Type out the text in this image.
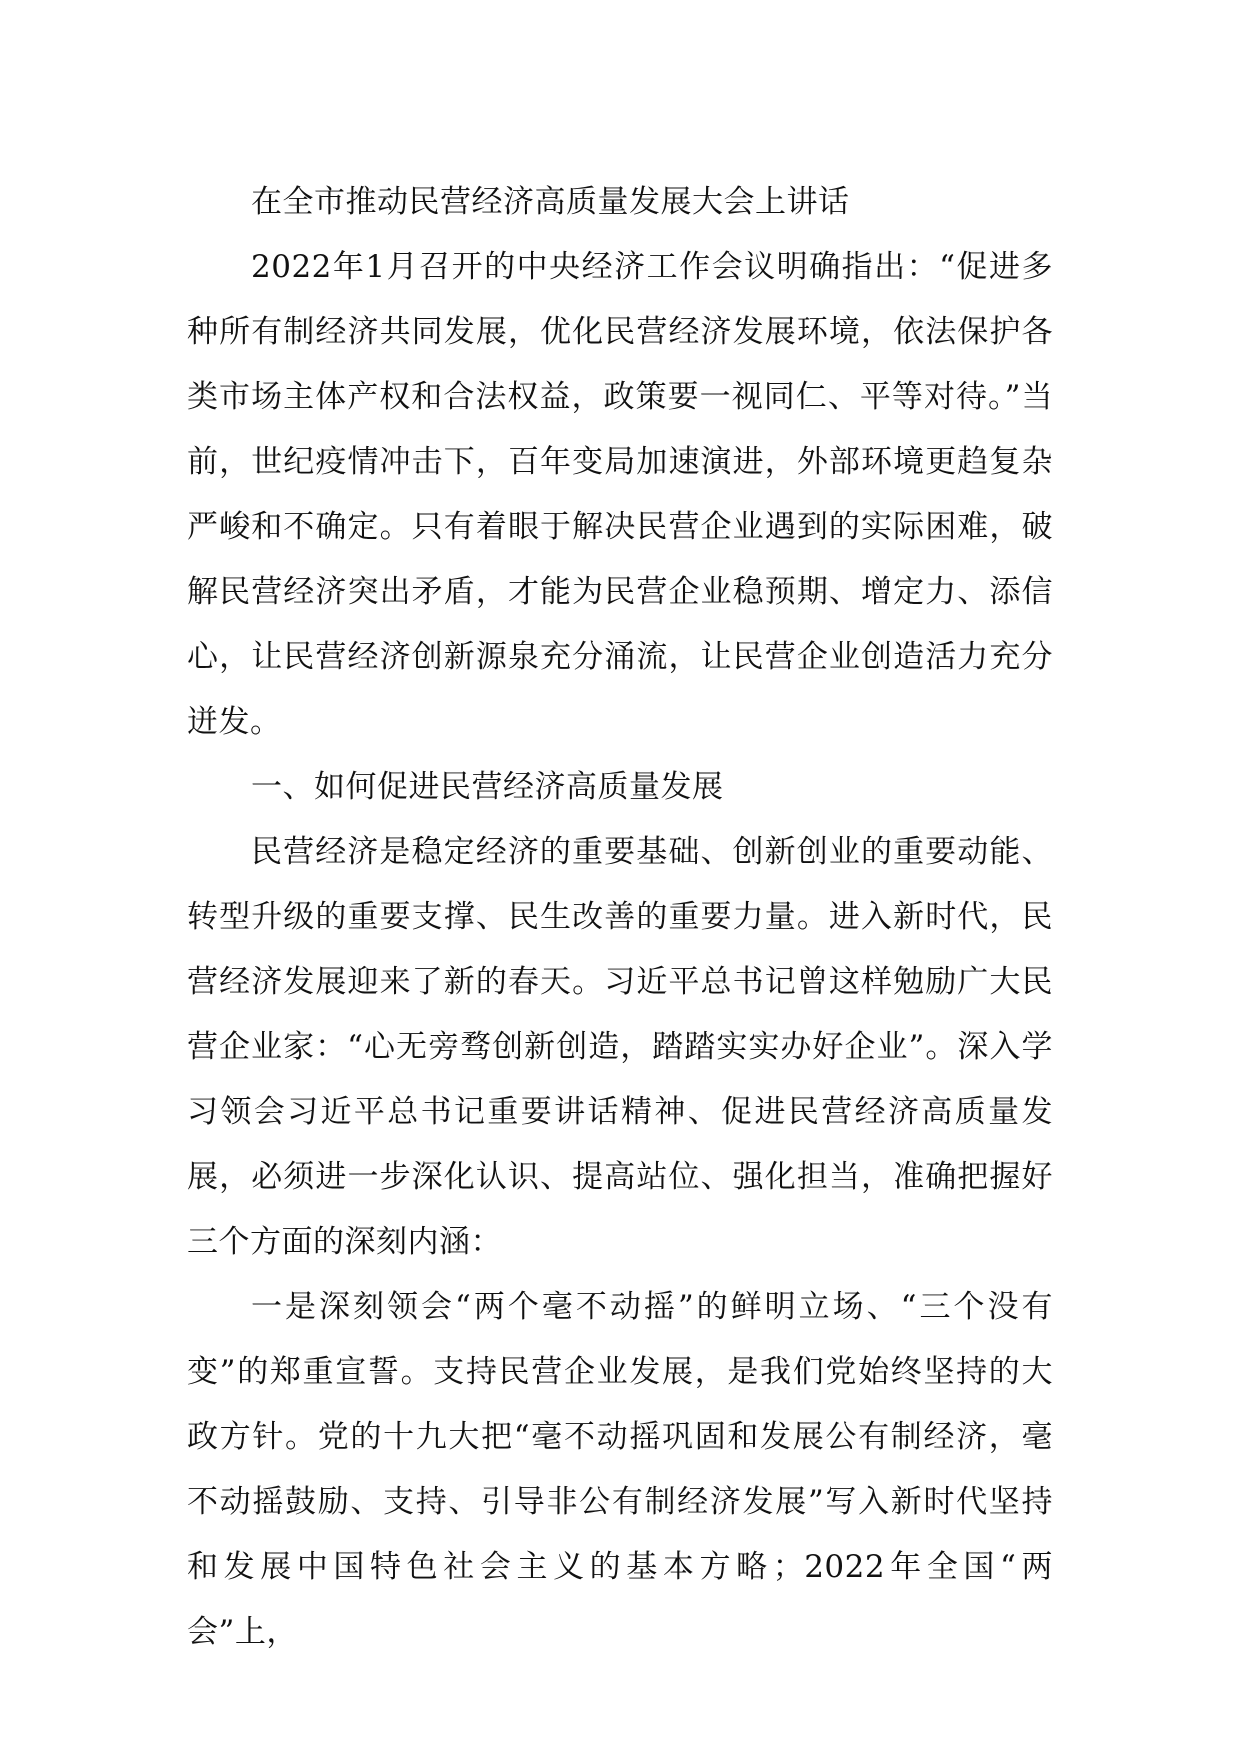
在全市推动民营经济高质量发展大会上讲话

2022年1月召开的中央经济工作会议明确指出：“促进多种所有制经济共同发展，优化民营经济发展环境，依法保护各类市场主体产权和合法权益，政策要一视同仁、平等对待。”当前，世纪疫情冲击下，百年变局加速演进，外部环境更趋复杂严峻和不确定。只有着眼于解决民营企业遇到的实际困难，破解民营经济突出矛盾，才能为民营企业稳预期、增定力、添信心，让民营经济创新源泉充分涌流，让民营企业创造活力充分迸发。

一、如何促进民营经济高质量发展

民营经济是稳定经济的重要基础、创新创业的重要动能、转型升级的重要支撑、民生改善的重要力量。进入新时代，民营经济发展迎来了新的春天。习近平总书记曾这样勉励广大民营企业家：“心无旁骛创新创造，踏踏实实办好企业”。深入学习领会习近平总书记重要讲话精神、促进民营经济高质量发展，必须进一步深化认识、提高站位、强化担当，准确把握好三个方面的深刻内涵：

一是深刻领会“两个毫不动摇”的鲜明立场、“三个没有变”的郑重宣誓。支持民营企业发展，是我们党始终坚持的大政方针。党的十九大把“毫不动摇巩固和发展公有制经济，毫不动摇鼓励、支持、引导非公有制经济发展”写入新时代坚持和发展中国特色社会主义的基本方略；2022年全国“两会”上，
